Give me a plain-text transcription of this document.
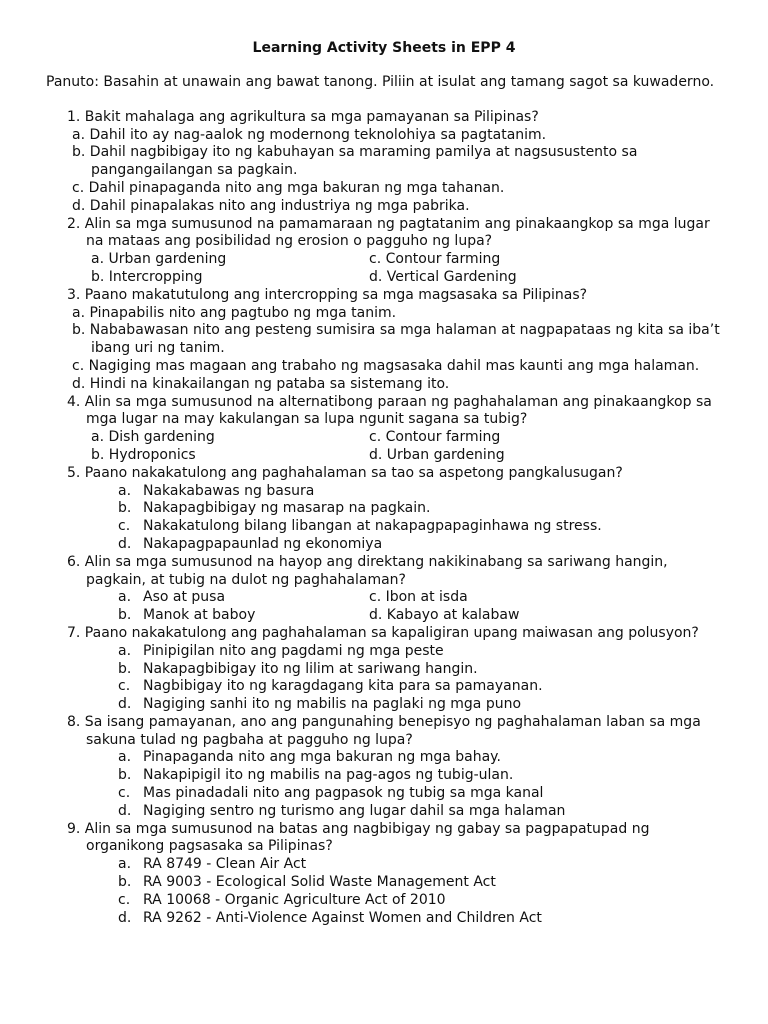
Learning Activity Sheets in EPP 4
Panuto: Basahin at unawain ang bawat tanong. Piliin at isulat ang tamang sagot sa kuwaderno.
1. Bakit mahalaga ang agrikultura sa mga pamayanan sa Pilipinas?
a. Dahil ito ay nag-aalok ng modernong teknolohiya sa pagtatanim.
b. Dahil nagbibigay ito ng kabuhayan sa maraming pamilya at nagsusustento sa pangangailangan sa pagkain.
c. Dahil pinapaganda nito ang mga bakuran ng mga tahanan.
d. Dahil pinapalakas nito ang industriya ng mga pabrika.
2. Alin sa mga sumusunod na pamamaraan ng pagtatanim ang pinakaangkop sa mga lugar na mataas ang posibilidad ng erosion o pagguho ng lupa?
a. Urban gardening	c. Contour farming
b. Intercropping	d. Vertical Gardening
3. Paano makatutulong ang intercropping sa mga magsasaka sa Pilipinas?
a. Pinapabilis nito ang pagtubo ng mga tanim.
b. Nababawasan nito ang pesteng sumisira sa mga halaman at nagpapataas ng kita sa iba’t ibang uri ng tanim.
c. Nagiging mas magaan ang trabaho ng magsasaka dahil mas kaunti ang mga halaman.
d. Hindi na kinakailangan ng pataba sa sistemang ito.
4. Alin sa mga sumusunod na alternatibong paraan ng paghahalaman ang pinakaangkop sa mga lugar na may kakulangan sa lupa ngunit sagana sa tubig?
a. Dish gardening	c. Contour farming
b. Hydroponics	d. Urban gardening
5. Paano nakakatulong ang paghahalaman sa tao sa aspetong pangkalusugan?
a. Nakakabawas ng basura
b. Nakapagbibigay ng masarap na pagkain.
c. Nakakatulong bilang libangan at nakapagpapaginhawa ng stress.
d. Nakapagpapaunlad ng ekonomiya
6. Alin sa mga sumusunod na hayop ang direktang nakikinabang sa sariwang hangin, pagkain, at tubig na dulot ng paghahalaman?
a. Aso at pusa	c. Ibon at isda
b. Manok at baboy	d. Kabayo at kalabaw
7. Paano nakakatulong ang paghahalaman sa kapaligiran upang maiwasan ang polusyon?
a. Pinipigilan nito ang pagdami ng mga peste
b. Nakapagbibigay ito ng lilim at sariwang hangin.
c. Nagbibigay ito ng karagdagang kita para sa pamayanan.
d. Nagiging sanhi ito ng mabilis na paglaki ng mga puno
8. Sa isang pamayanan, ano ang pangunahing benepisyo ng paghahalaman laban sa mga sakuna tulad ng pagbaha at pagguho ng lupa?
a. Pinapaganda nito ang mga bakuran ng mga bahay.
b. Nakapipigil ito ng mabilis na pag-agos ng tubig-ulan.
c. Mas pinadadali nito ang pagpasok ng tubig sa mga kanal
d. Nagiging sentro ng turismo ang lugar dahil sa mga halaman
9. Alin sa mga sumusunod na batas ang nagbibigay ng gabay sa pagpapatupad ng organikong pagsasaka sa Pilipinas?
a. RA 8749 - Clean Air Act
b. RA 9003 - Ecological Solid Waste Management Act
c. RA 10068 - Organic Agriculture Act of 2010
d. RA 9262 - Anti-Violence Against Women and Children Act
